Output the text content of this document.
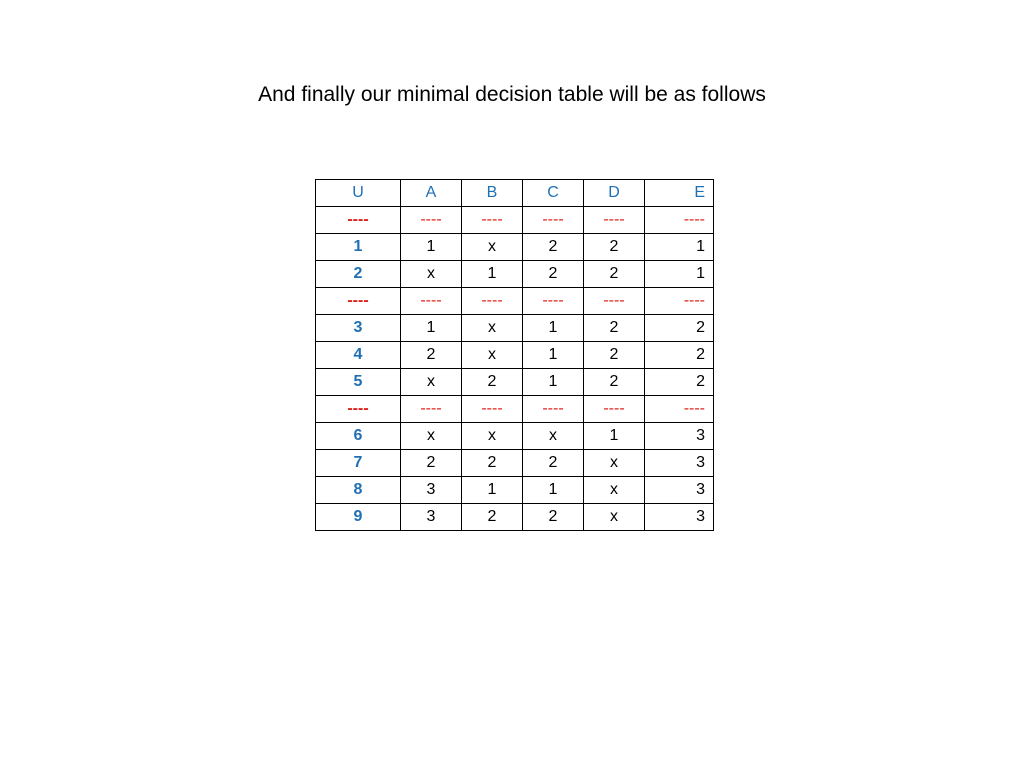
And finally our minimal decision table will be as follows
U	A	B	C	D	E
----	----	----	----	----	----
1	1	x	2	2	1
2	x	1	2	2	1
----	----	----	----	----	----
3	1	x	1	2	2
4	2	x	1	2	2
5	x	2	1	2	2
----	----	----	----	----	----
6	x	x	x	1	3
7	2	2	2	x	3
8	3	1	1	x	3
9	3	2	2	x	3
